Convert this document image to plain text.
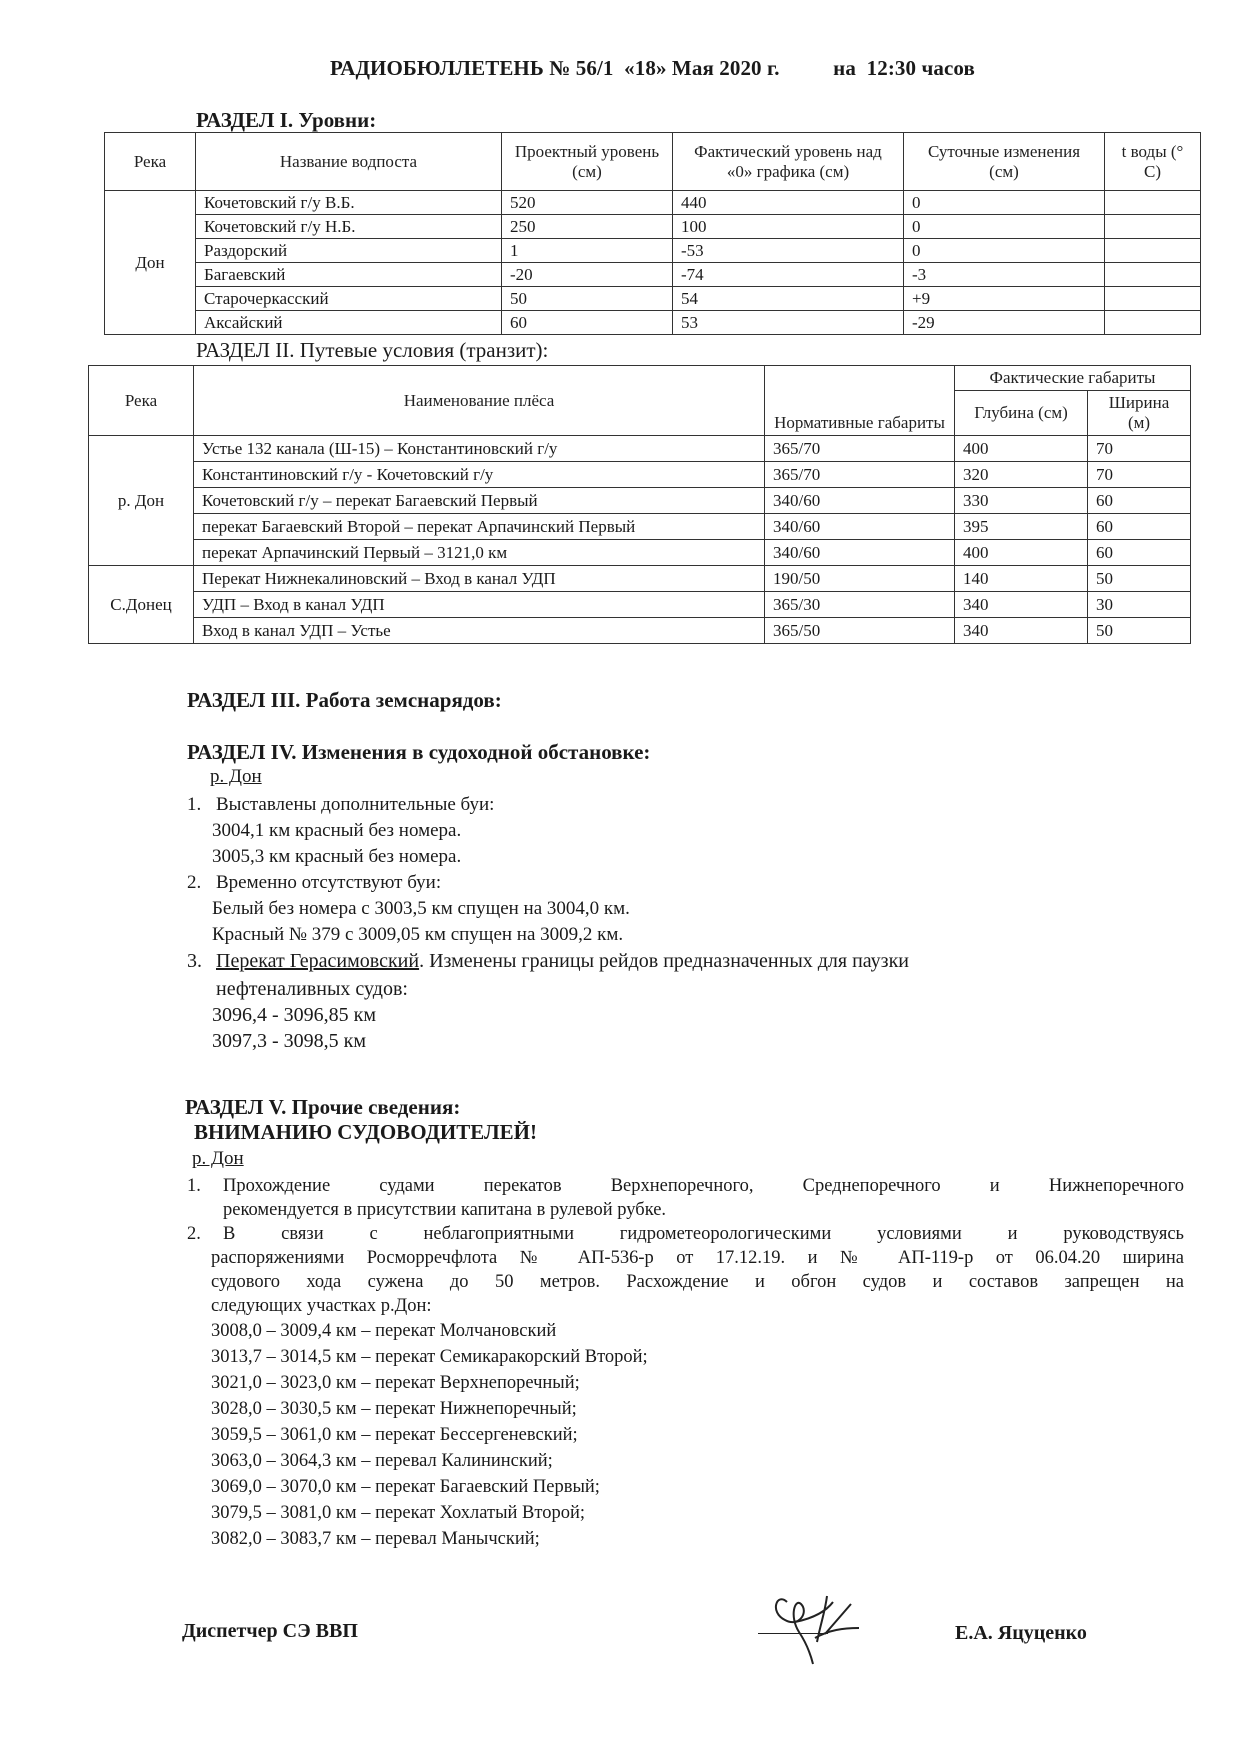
РАДИОБЮЛЛЕТЕНЬ № 56/1  «18» Мая 2020 г.          на  12:30 часов
РАЗДЕЛ I. Уровни:
Река	Название водпоста	Проектный уровень (см)	Фактический уровень над «0» графика (см)	Суточные изменения (см)	t воды (° С)
Дон	Кочетовский г/у В.Б.	520	440	0	
	Кочетовский г/у Н.Б.	250	100	0	
	Раздорский	1	-53	0	
	Багаевский	-20	-74	-3	
	Старочеркасский	50	54	+9	
	Аксайский	60	53	-29	
РАЗДЕЛ II. Путевые условия (транзит):
Река	Наименование плёса	Нормативные габариты	Фактические габариты	
			Глубина (см)	Ширина (м)
р. Дон	Устье 132 канала (Ш-15) – Константиновский г/у	365/70	400	70
	Константиновский г/у - Кочетовский г/у	365/70	320	70
	Кочетовский г/у – перекат Багаевский Первый	340/60	330	60
	перекат Багаевский Второй – перекат Арпачинский Первый	340/60	395	60
	перекат Арпачинский Первый – 3121,0 км	340/60	400	60
С.Донец	Перекат Нижнекалиновский – Вход в канал УДП	190/50	140	50
	УДП – Вход в канал УДП	365/30	340	30
	Вход в канал УДП – Устье	365/50	340	50
РАЗДЕЛ III. Работа земснарядов:
РАЗДЕЛ IV. Изменения в судоходной обстановке:
р. Дон
1. Выставлены дополнительные буи:
3004,1 км красный без номера.
3005,3 км красный без номера.
2. Временно отсутствуют буи:
Белый без номера с 3003,5 км спущен на 3004,0 км.
Красный № 379 с 3009,05 км спущен на 3009,2 км.
3. Перекат Герасимовский. Изменены границы рейдов предназначенных для паузки
нефтеналивных судов:
3096,4 - 3096,85 км
3097,3 - 3098,5 км
РАЗДЕЛ V. Прочие сведения:
ВНИМАНИЮ СУДОВОДИТЕЛЕЙ!
р. Дон
1. Прохождение судами перекатов Верхнепоречного, Среднепоречного и Нижнепоречного
рекомендуется в присутствии капитана в рулевой рубке.
2. В связи с неблагоприятными гидрометеорологическими условиями и руководствуясь
распоряжениями Росморречфлота № АП-536-р от 17.12.19. и № АП-119-р от 06.04.20 ширина
судового хода сужена до 50 метров. Расхождение и обгон судов и составов запрещен на
следующих участках р.Дон:
3008,0 – 3009,4 км – перекат Молчановский
3013,7 – 3014,5 км – перекат Семикаракорский Второй;
3021,0 – 3023,0 км – перекат Верхнепоречный;
3028,0 – 3030,5 км – перекат Нижнепоречный;
3059,5 – 3061,0 км – перекат Бессергеневский;
3063,0 – 3064,3 км – перевал Калининский;
3069,0 – 3070,0 км – перекат Багаевский Первый;
3079,5 – 3081,0 км – перекат Хохлатый Второй;
3082,0 – 3083,7 км – перевал Манычский;
Диспетчер СЭ ВВП	Е.А. Яцуценко
